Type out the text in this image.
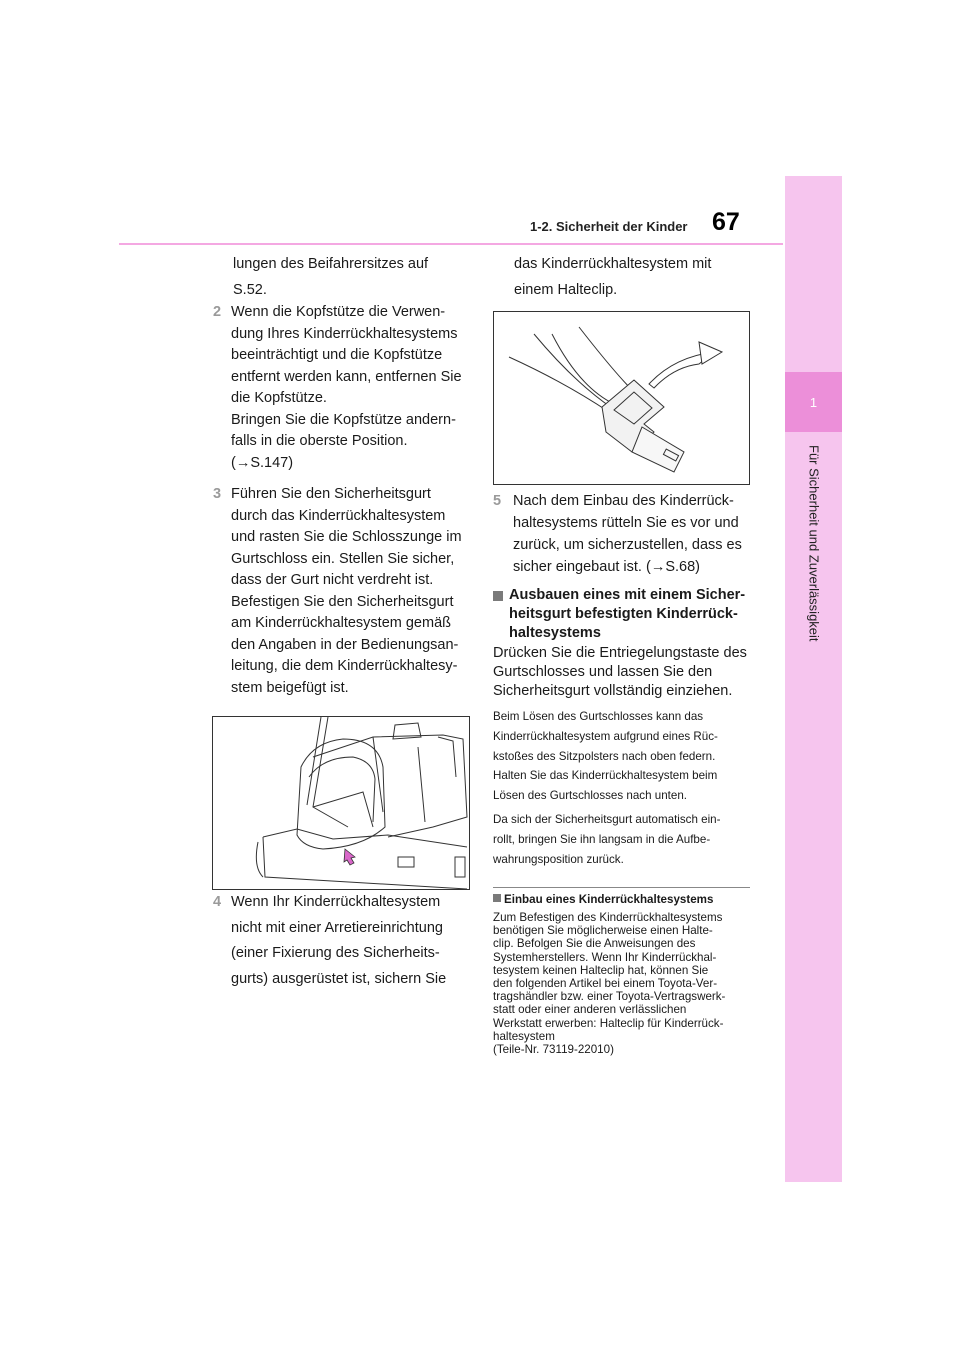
1
Für Sicherheit und Zuverlässigkeit
1-2. Sicherheit der Kinder 67

lungen des Beifahrersitzes auf

S.52.

2 Wenn die Kopfstütze die Verwen-

dung Ihres Kinderrückhaltesystems

beeinträchtigt und die Kopfstütze

entfernt werden kann, entfernen Sie

die Kopfstütze.

Bringen Sie die Kopfstütze andern-

falls in die oberste Position.

(→S.147)

3 Führen Sie den Sicherheitsgurt

durch das Kinderrückhaltesystem

und rasten Sie die Schlosszunge im

Gurtschloss ein. Stellen Sie sicher,

dass der Gurt nicht verdreht ist.

Befestigen Sie den Sicherheitsgurt

am Kinderrückhaltesystem gemäß

den Angaben in der Bedienungsan-

leitung, die dem Kinderrückhaltesy-

stem beigefügt ist.

4 Wenn Ihr Kinderrückhaltesystem

nicht mit einer Arretiereinrichtung

(einer Fixierung des Sicherheits-

gurts) ausgerüstet ist, sichern Sie

das Kinderrückhaltesystem mit

einem Halteclip.

5 Nach dem Einbau des Kinderrück-

haltesystems rütteln Sie es vor und

zurück, um sicherzustellen, dass es

sicher eingebaut ist. (→S.68)

Ausbauen eines mit einem Sicher-
heitsgurt befestigten Kinderrück-
haltesystems

Drücken Sie die Entriegelungstaste des

Gurtschlosses und lassen Sie den

Sicherheitsgurt vollständig einziehen.

Beim Lösen des Gurtschlosses kann das

Kinderrückhaltesystem aufgrund eines Rüc-

kstoßes des Sitzpolsters nach oben federn.

Halten Sie das Kinderrückhaltesystem beim

Lösen des Gurtschlosses nach unten.

Da sich der Sicherheitsgurt automatisch ein-

rollt, bringen Sie ihn langsam in die Aufbe-

wahrungsposition zurück.

Einbau eines Kinderrückhaltesystems

Zum Befestigen des Kinderrückhaltesystems

benötigen Sie möglicherweise einen Halte-

clip. Befolgen Sie die Anweisungen des

Systemherstellers. Wenn Ihr Kinderrückhal-

tesystem keinen Halteclip hat, können Sie

den folgenden Artikel bei einem Toyota-Ver-

tragshändler bzw. einer Toyota-Vertragswerk-

statt oder einer anderen verlässlichen

Werkstatt erwerben: Halteclip für Kinderrück-

haltesystem

(Teile-Nr. 73119-22010)
